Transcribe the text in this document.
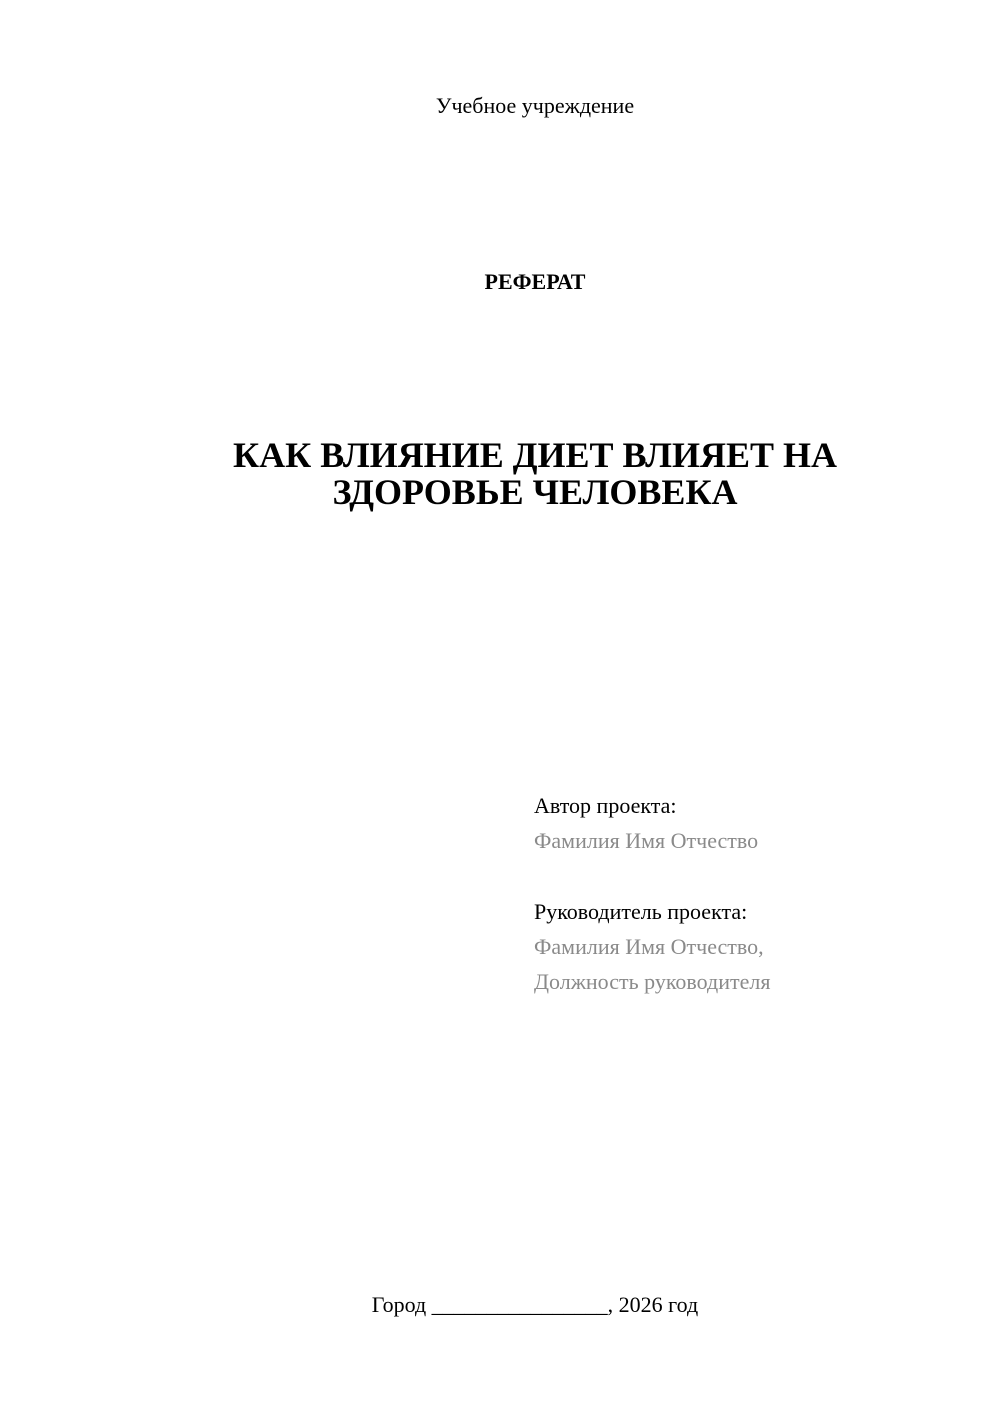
Учебное учреждение
РЕФЕРАТ
КАК ВЛИЯНИЕ ДИЕТ ВЛИЯЕТ НА
ЗДОРОВЬЕ ЧЕЛОВЕКА
Автор проекта:
Фамилия Имя Отчество
Руководитель проекта:
Фамилия Имя Отчество,
Должность руководителя
Город ________________, 2026 год
